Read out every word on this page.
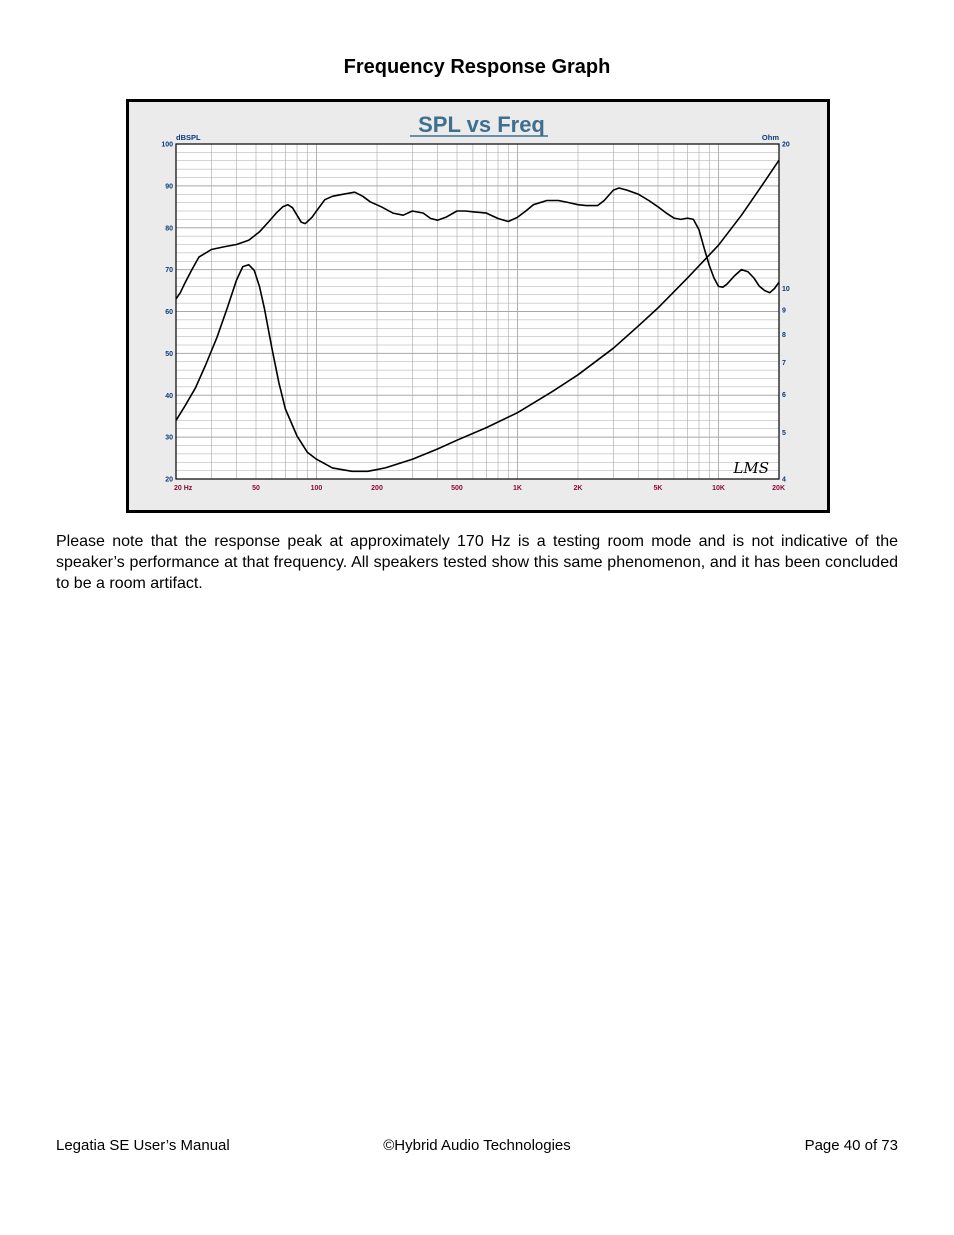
Frequency Response Graph
SPL vs Freq
dBSPL	Ohm
20
30
40
50
60
70
80
90
100
4
5
6
7
8
9
10
20
20 Hz	50	100	200	500	1K	2K	5K	10K	20K
LMS
Please note that the response peak at approximately 170 Hz is a testing room mode and is not indicative of the speaker’s performance at that frequency. All speakers tested show this same phenomenon, and it has been concluded to be a room artifact.
Legatia SE User’s Manual	©Hybrid Audio Technologies	Page 40 of 73
